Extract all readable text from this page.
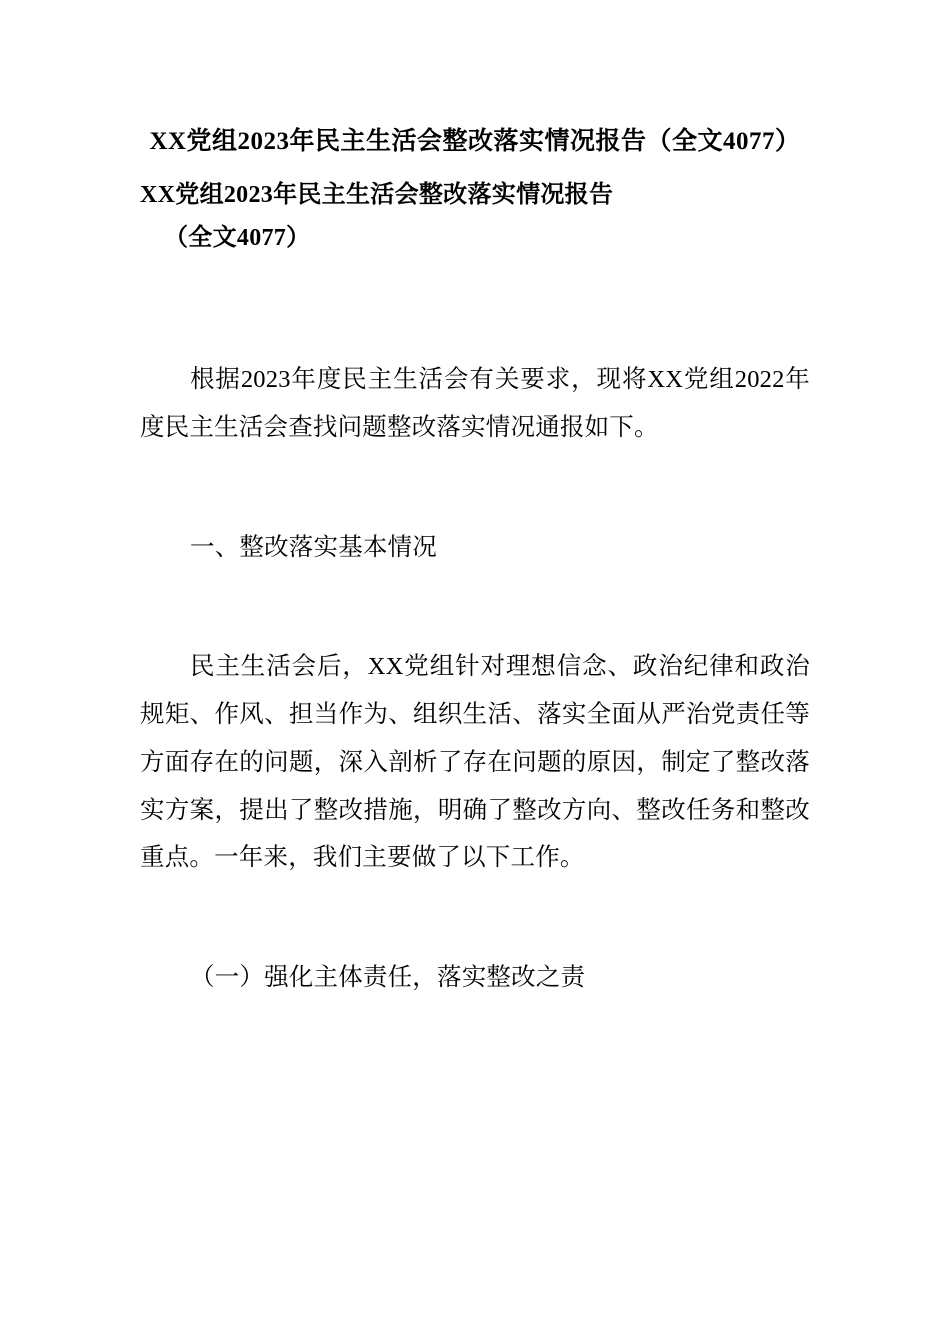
XX党组2023年民主生活会整改落实情况报告（全文4077）
XX党组2023年民主生活会整改落实情况报告
（全文4077）

根据2023年度民主生活会有关要求，现将XX党组2022年度民主生活会查找问题整改落实情况通报如下。

一、整改落实基本情况

民主生活会后，XX党组针对理想信念、政治纪律和政治规矩、作风、担当作为、组织生活、落实全面从严治党责任等方面存在的问题，深入剖析了存在问题的原因，制定了整改落实方案，提出了整改措施，明确了整改方向、整改任务和整改重点。一年来，我们主要做了以下工作。

（一）强化主体责任，落实整改之责
